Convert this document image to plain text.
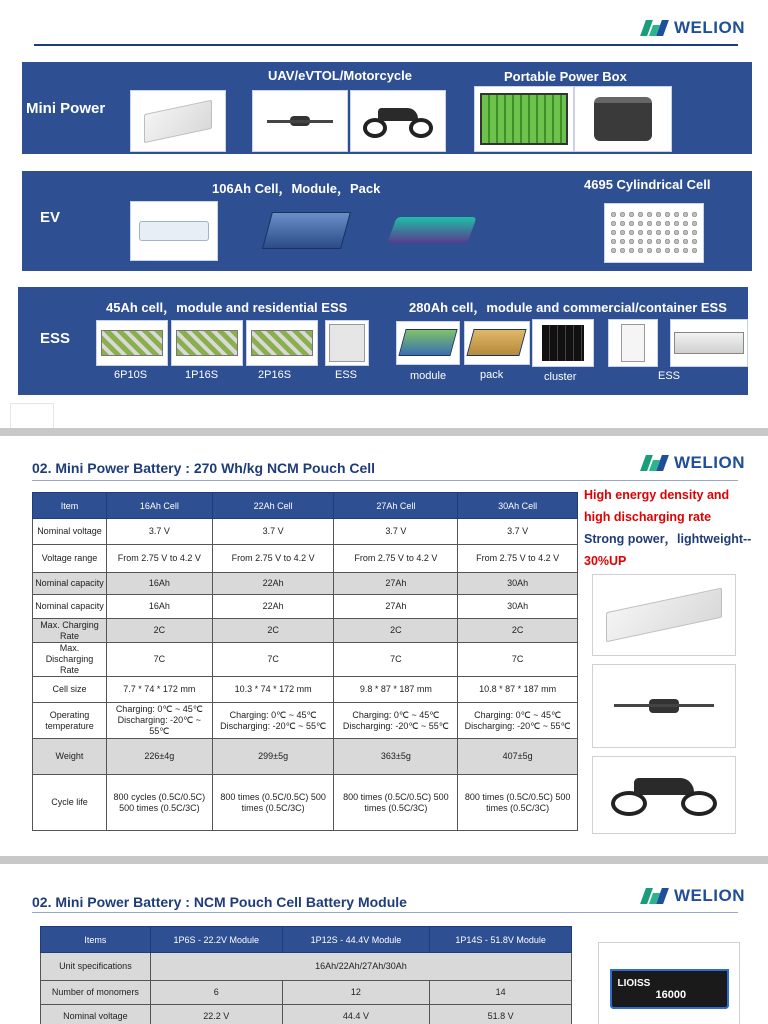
WELION
Mini Power
UAV/eVTOL/Motorcycle	Portable Power Box
EV
106Ah Cell，Module，Pack	4695 Cylindrical Cell
ESS
45Ah cell，module and residential ESS	280Ah cell，module and commercial/container ESS
6P10S	1P16S	2P16S	ESS	module	pack	cluster	ESS
02. Mini Power Battery : 270 Wh/kg NCM Pouch Cell	WELION
Item	16Ah Cell	22Ah Cell	27Ah Cell	30Ah Cell
Nominal voltage	3.7 V	3.7 V	3.7 V	3.7 V
Voltage range	From 2.75 V to 4.2 V	From 2.75 V to 4.2 V	From 2.75 V to 4.2 V	From 2.75 V to 4.2 V
Nominal capacity	16Ah	22Ah	27Ah	30Ah
Nominal capacity	16Ah	22Ah	27Ah	30Ah
Max. Charging Rate	2C	2C	2C	2C
Max. Discharging Rate	7C	7C	7C	7C
Cell size	7.7 * 74 * 172 mm	10.3 * 74 * 172 mm	9.8 * 87 * 187 mm	10.8 * 87 * 187 mm
Operating temperature	Charging: 0℃ ~ 45℃ Discharging: -20℃ ~ 55℃	Charging: 0℃ ~ 45℃ Discharging: -20℃ ~ 55℃	Charging: 0℃ ~ 45℃ Discharging: -20℃ ~ 55℃	Charging: 0℃ ~ 45℃ Discharging: -20℃ ~ 55℃
Weight	226±4g	299±5g	363±5g	407±5g
Cycle life	800 cycles (0.5C/0.5C) 500 times (0.5C/3C)	800 times (0.5C/0.5C) 500 times (0.5C/3C)	800 times (0.5C/0.5C) 500 times (0.5C/3C)	800 times (0.5C/0.5C) 500 times (0.5C/3C)
High energy density and
high discharging rate
Strong power，lightweight--
30%UP
02. Mini Power Battery : NCM Pouch Cell Battery Module	WELION
Items	1P6S - 22.2V Module	1P12S - 44.4V Module	1P14S - 51.8V Module
Unit specifications	16Ah/22Ah/27Ah/30Ah		
Number of monomers	6	12	14
Nominal voltage	22.2 V	44.4 V	51.8 V
LIOISS
16000
